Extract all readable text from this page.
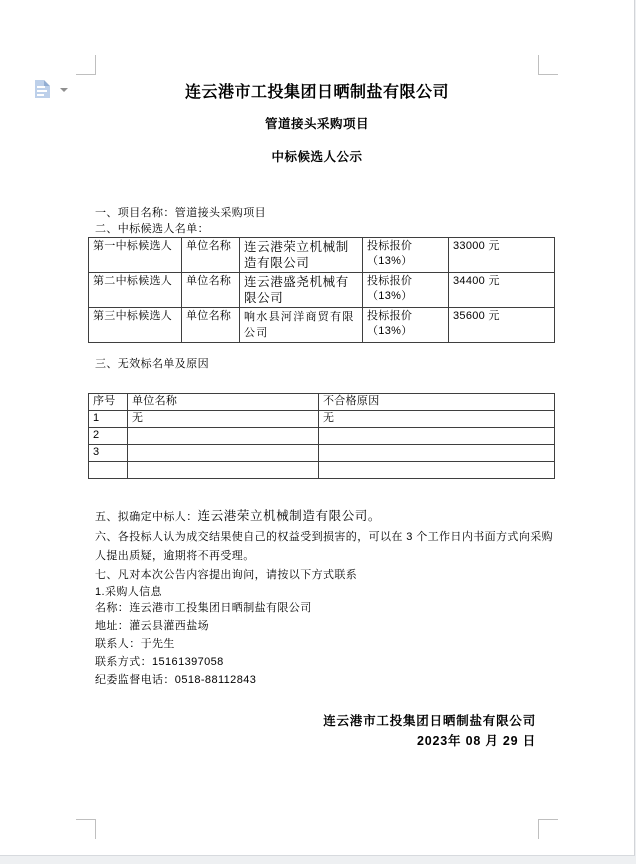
连云港市工投集团日晒制盐有限公司
管道接头采购项目
中标候选人公示

一、项目名称：管道接头采购项目

二、中标候选人名单：

第一中标候选人	单位名称	连云港荣立机械制造有限公司	投标报价（13%）	33000 元
第二中标候选人	单位名称	连云港盛尧机械有限公司	投标报价（13%）	34400 元
第三中标候选人	单位名称	响水县河洋商贸有限公司	投标报价（13%）	35600 元

三、无效标名单及原因

序号	单位名称	不合格原因
1	无	无
2		
3		

五、拟确定中标人：连云港荣立机械制造有限公司。

六、各投标人认为成交结果使自己的权益受到损害的，可以在 3 个工作日内书面方式向采购

人提出质疑，逾期将不再受理。

七、凡对本次公告内容提出询问，请按以下方式联系

1.采购人信息

名称：连云港市工投集团日晒制盐有限公司

地址：灌云县灌西盐场

联系人：于先生

联系方式：15161397058

纪委监督电话：0518-88112843

连云港市工投集团日晒制盐有限公司

2023年 08 月 29 日
